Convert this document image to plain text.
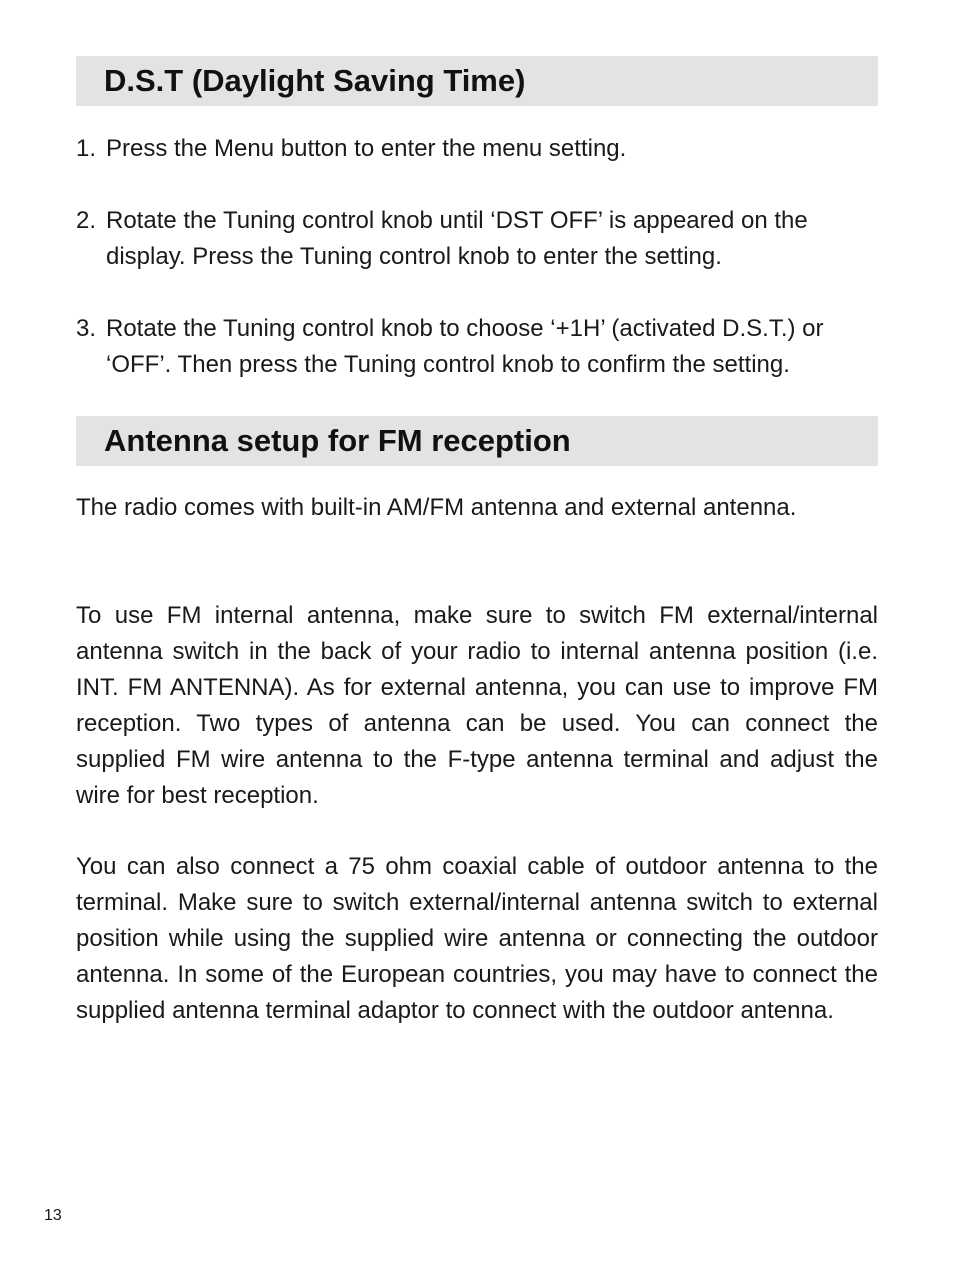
D.S.T (Daylight Saving Time)
1. Press the Menu button to enter the menu setting.
2. Rotate the Tuning control knob until ‘DST OFF’ is appeared on the display. Press the Tuning control knob to enter the setting.
3. Rotate the Tuning control knob to choose ‘+1H’ (activated D.S.T.) or ‘OFF’. Then press the Tuning control knob to confirm the setting.
Antenna setup for FM reception

The radio comes with built-in AM/FM antenna and external antenna.

To use FM internal antenna, make sure to switch FM external/internal antenna switch in the back of your radio to internal antenna position (i.e. INT. FM ANTENNA). As for external antenna, you can use to improve FM reception. Two types of antenna can be used. You can connect the supplied FM wire antenna to the F-type antenna terminal and adjust the wire for best reception.

You can also connect a 75 ohm coaxial cable of outdoor antenna to the terminal. Make sure to switch external/internal antenna switch to external position while using the supplied wire antenna or connecting the outdoor antenna. In some of the European countries, you may have to connect the supplied antenna terminal adaptor to connect with the outdoor antenna.

13
